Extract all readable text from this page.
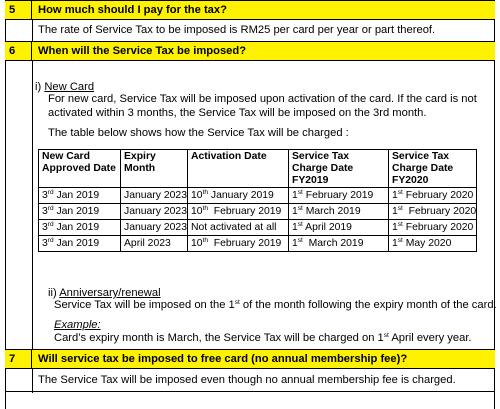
5	How much should I pay for the tax?
The rate of Service Tax to be imposed is RM25 per card per year or part thereof.
6	When will the Service Tax be imposed?
i) New Card
For new card, Service Tax will be imposed upon activation of the card. If the card is not
activated within 3 months, the Service Tax will be imposed on the 3rd month.
The table below shows how the Service Tax will be charged :
New Card Approved Date	Expiry Month	Activation Date	Service Tax Charge Date FY2019	Service Tax Charge Date FY2020
3rd Jan 2019	January 2023	10th January 2019	1st February 2019	1st February 2020
3rd Jan 2019	January 2023	10th  February 2019	1st March 2019	1st  February 2020
3rd Jan 2019	January 2023	Not activated at all	1st April 2019	1st February 2020
3rd Jan 2019	April 2023	10th  February 2019	1st  March 2019	1st May 2020
ii) Anniversary/renewal
Service Tax will be imposed on the 1st of the month following the expiry month of the card.
Example:
Card’s expiry month is March, the Service Tax will be charged on 1st April every year.
7	Will service tax be imposed to free card (no annual membership fee)?
The Service Tax will be imposed even though no annual membership fee is charged.
